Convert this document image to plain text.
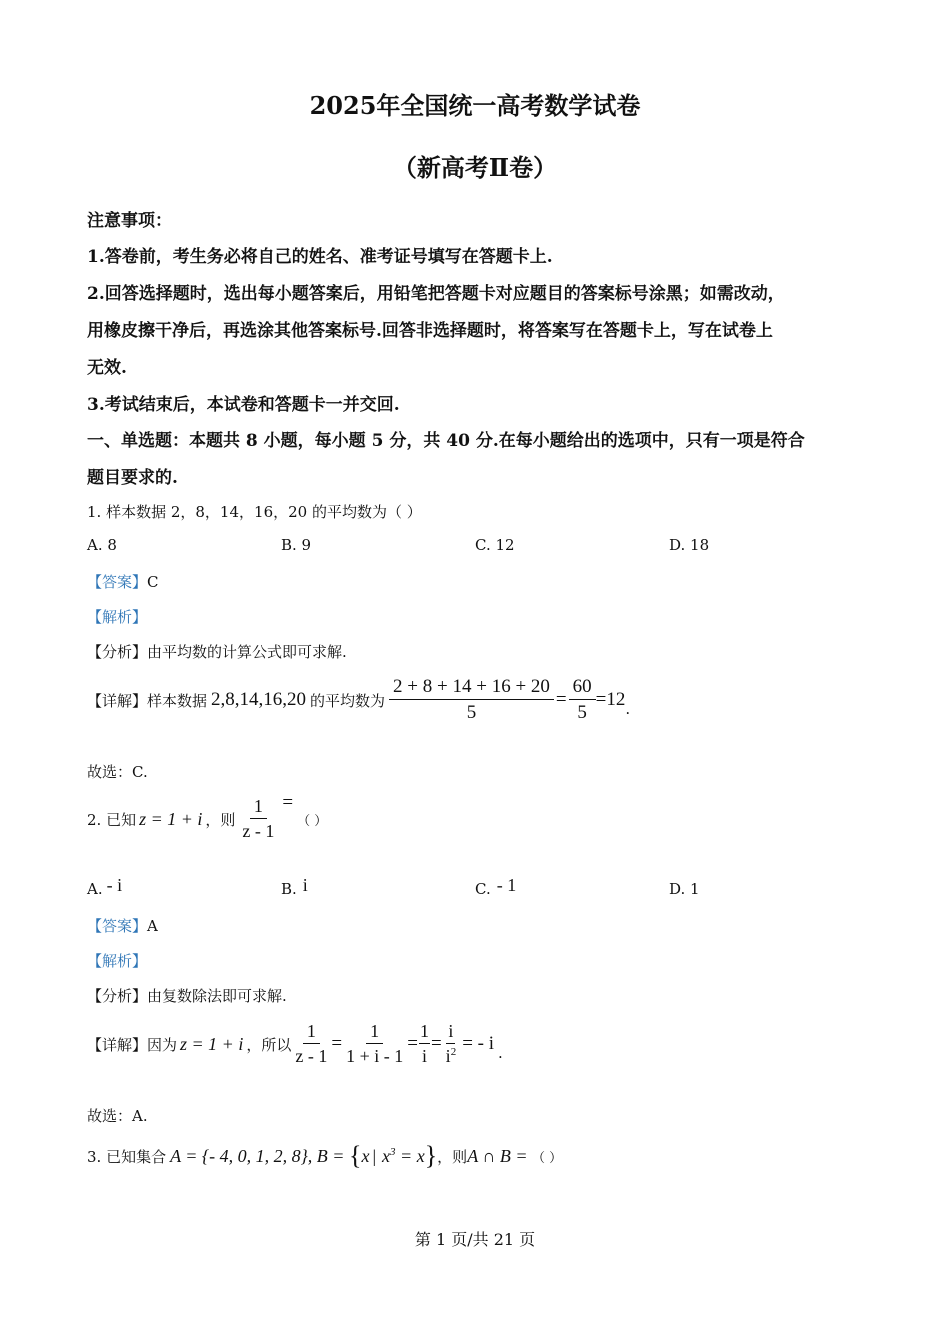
2025年全国统一高考数学试卷
（新高考Ⅱ卷）
注意事项：
1.答卷前，考生务必将自己的姓名、准考证号填写在答题卡上.
2.回答选择题时，选出每小题答案后，用铅笔把答题卡对应题目的答案标号涂黑；如需改动，
用橡皮擦干净后，再选涂其他答案标号.回答非选择题时，将答案写在答题卡上，写在试卷上
无效.
3.考试结束后，本试卷和答题卡一并交回.
一、单选题：本题共 8 小题，每小题 5 分，共 40 分.在每小题给出的选项中，只有一项是符合
题目要求的.
1. 样本数据 2，8，14，16，20 的平均数为（ ）
A. 8	B. 9	C. 12	D. 18
【答案】C
【解析】
【分析】由平均数的计算公式即可求解.
【详解】 样本数据 2,8,14,16,20 的平均数为 $\frac{2 + 8 + 14 + 16 + 20}{5} = \frac{60}{5} =12$ .
故选：C.
2. 已知 z = 1 + i ，则 $\frac{1}{z - 1}$ =
（ ）
A. - i	B. i	C. - 1	D. 1
【答案】A
【解析】
【分析】由复数除法即可求解.
【详解】 因为 z = 1 + i ，所以 $\frac{1}{z - 1} = \frac{1}{1 + i - 1} = \frac{1}{i} = \frac{i}{i^2}$ = - i .
故选：A.
3. 已知集合 A = {- 4, 0, 1, 2, 8}, B = { x | $x^3 = x$ } ，则 A ∩ B = （ ）
第 1 页/共 21 页
